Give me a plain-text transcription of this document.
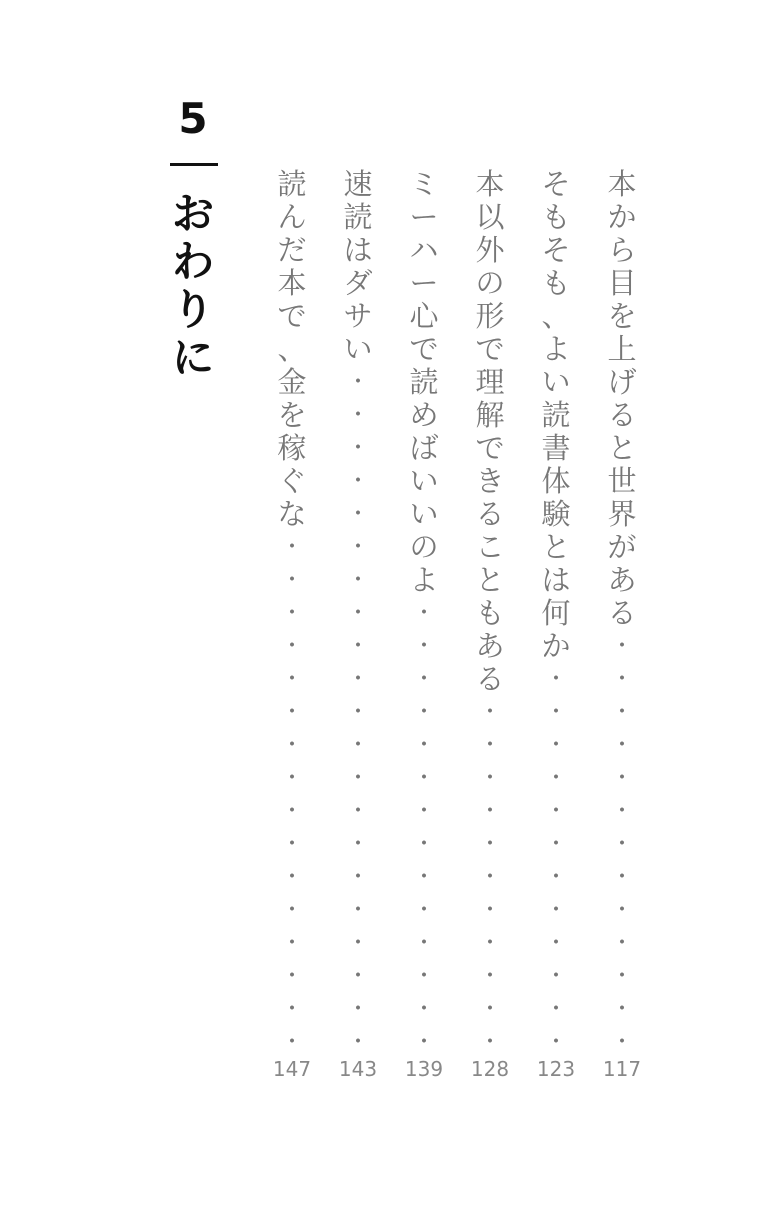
5
お
わ
り
に
本
か
ら
目
を
上
げ
る
と
世
界
が
あ
る
・
・
・
・
・
・
・
・
・
・
・
・
・
117
そ
も
そ
も
、
よ
い
読
書
体
験
と
は
何
か
・
・
・
・
・
・
・
・
・
・
・
・
123
本
以
外
の
形
で
理
解
で
き
る
こ
と
も
あ
る
・
・
・
・
・
・
・
・
・
・
・
128
ミ
ー
ハ
ー
心
で
読
め
ば
い
い
の
よ
・
・
・
・
・
・
・
・
・
・
・
・
・
・
139
速
読
は
ダ
サ
い
・
・
・
・
・
・
・
・
・
・
・
・
・
・
・
・
・
・
・
・
・
143
読
ん
だ
本
で
、
金
を
稼
ぐ
な
・
・
・
・
・
・
・
・
・
・
・
・
・
・
・
・
147
